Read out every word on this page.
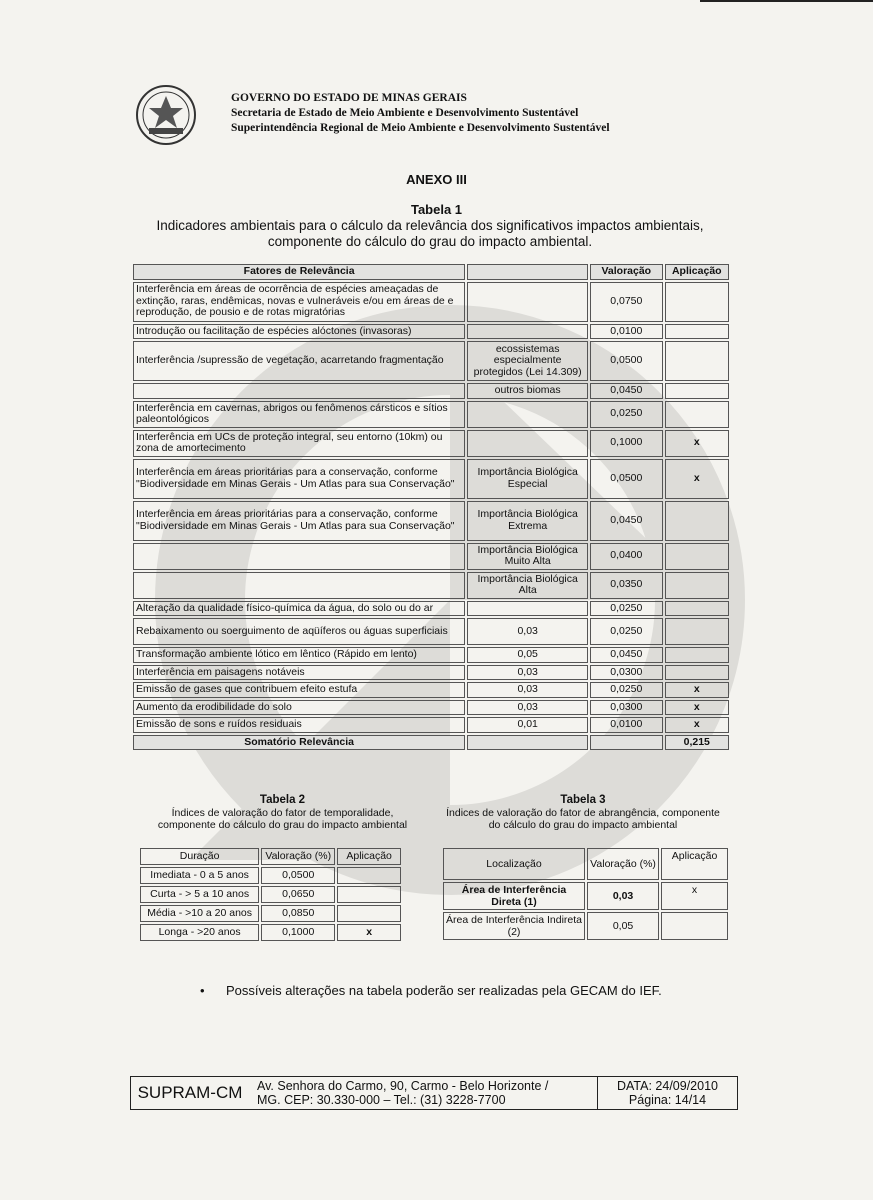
GOVERNO DO ESTADO DE MINAS GERAIS
Secretaria de Estado de Meio Ambiente e Desenvolvimento Sustentável
Superintendência Regional de Meio Ambiente e Desenvolvimento Sustentável
ANEXO III
Tabela 1
Indicadores ambientais para o cálculo da relevância dos significativos impactos ambientais,
componente do cálculo do grau do impacto ambiental.
Fatores de Relevância		Valoração	Aplicação
Interferência em áreas de ocorrência de espécies ameaçadas de extinção, raras, endêmicas, novas e vulneráveis e/ou em áreas de e reprodução, de pousio e de rotas migratórias		0,0750	
Introdução ou facilitação de espécies alóctones (invasoras)		0,0100	
Interferência /supressão de vegetação, acarretando fragmentação	ecossistemas especialmente protegidos (Lei 14.309)	0,0500	
	outros biomas	0,0450	
Interferência em cavernas, abrigos ou fenômenos cársticos e sítios paleontológicos		0,0250	
Interferência em UCs de proteção integral, seu entorno (10km) ou zona de amortecimento		0,1000	x
Interferência em áreas prioritárias para a conservação, conforme "Biodiversidade em Minas Gerais - Um Atlas para sua Conservação"	Importância Biológica Especial	0,0500	x
Interferência em áreas prioritárias para a conservação, conforme "Biodiversidade em Minas Gerais - Um Atlas para sua Conservação"	Importância Biológica Extrema	0,0450	
	Importância Biológica Muito Alta	0,0400	
	Importância Biológica Alta	0,0350	
Alteração da qualidade físico-química da água, do solo ou do ar		0,0250	
Rebaixamento ou soerguimento de aqüíferos ou águas superficiais	0,03	0,0250	
Transformação ambiente lótico em lêntico (Rápido em lento)	0,05	0,0450	
Interferência em paisagens notáveis	0,03	0,0300	
Emissão de gases que contribuem efeito estufa	0,03	0,0250	x
Aumento da erodibilidade do solo	0,03	0,0300	x
Emissão de sons e ruídos residuais	0,01	0,0100	x
Somatório Relevância			0,215
Tabela 2
Índices de valoração do fator de temporalidade,
componente do cálculo do grau do impacto ambiental
Tabela 3
Índices de valoração do fator de abrangência, componente
do cálculo do grau do impacto ambiental
Duração	Valoração (%)	Aplicação
Imediata - 0 a 5 anos	0,0500	
Curta - > 5 a 10 anos	0,0650	
Média - >10 a 20 anos	0,0850	
Longa - >20 anos	0,1000	x
Localização	Valoração (%)	Aplicação
Área de Interferência Direta (1)	0,03	x
Área de Interferência Indireta (2)	0,05	
• Possíveis alterações na tabela poderão ser realizadas pela GECAM do IEF.
SUPRAM-CM	Av. Senhora do Carmo, 90, Carmo - Belo Horizonte /
MG. CEP: 30.330-000 – Tel.: (31) 3228-7700
DATA: 24/09/2010
Página: 14/14
